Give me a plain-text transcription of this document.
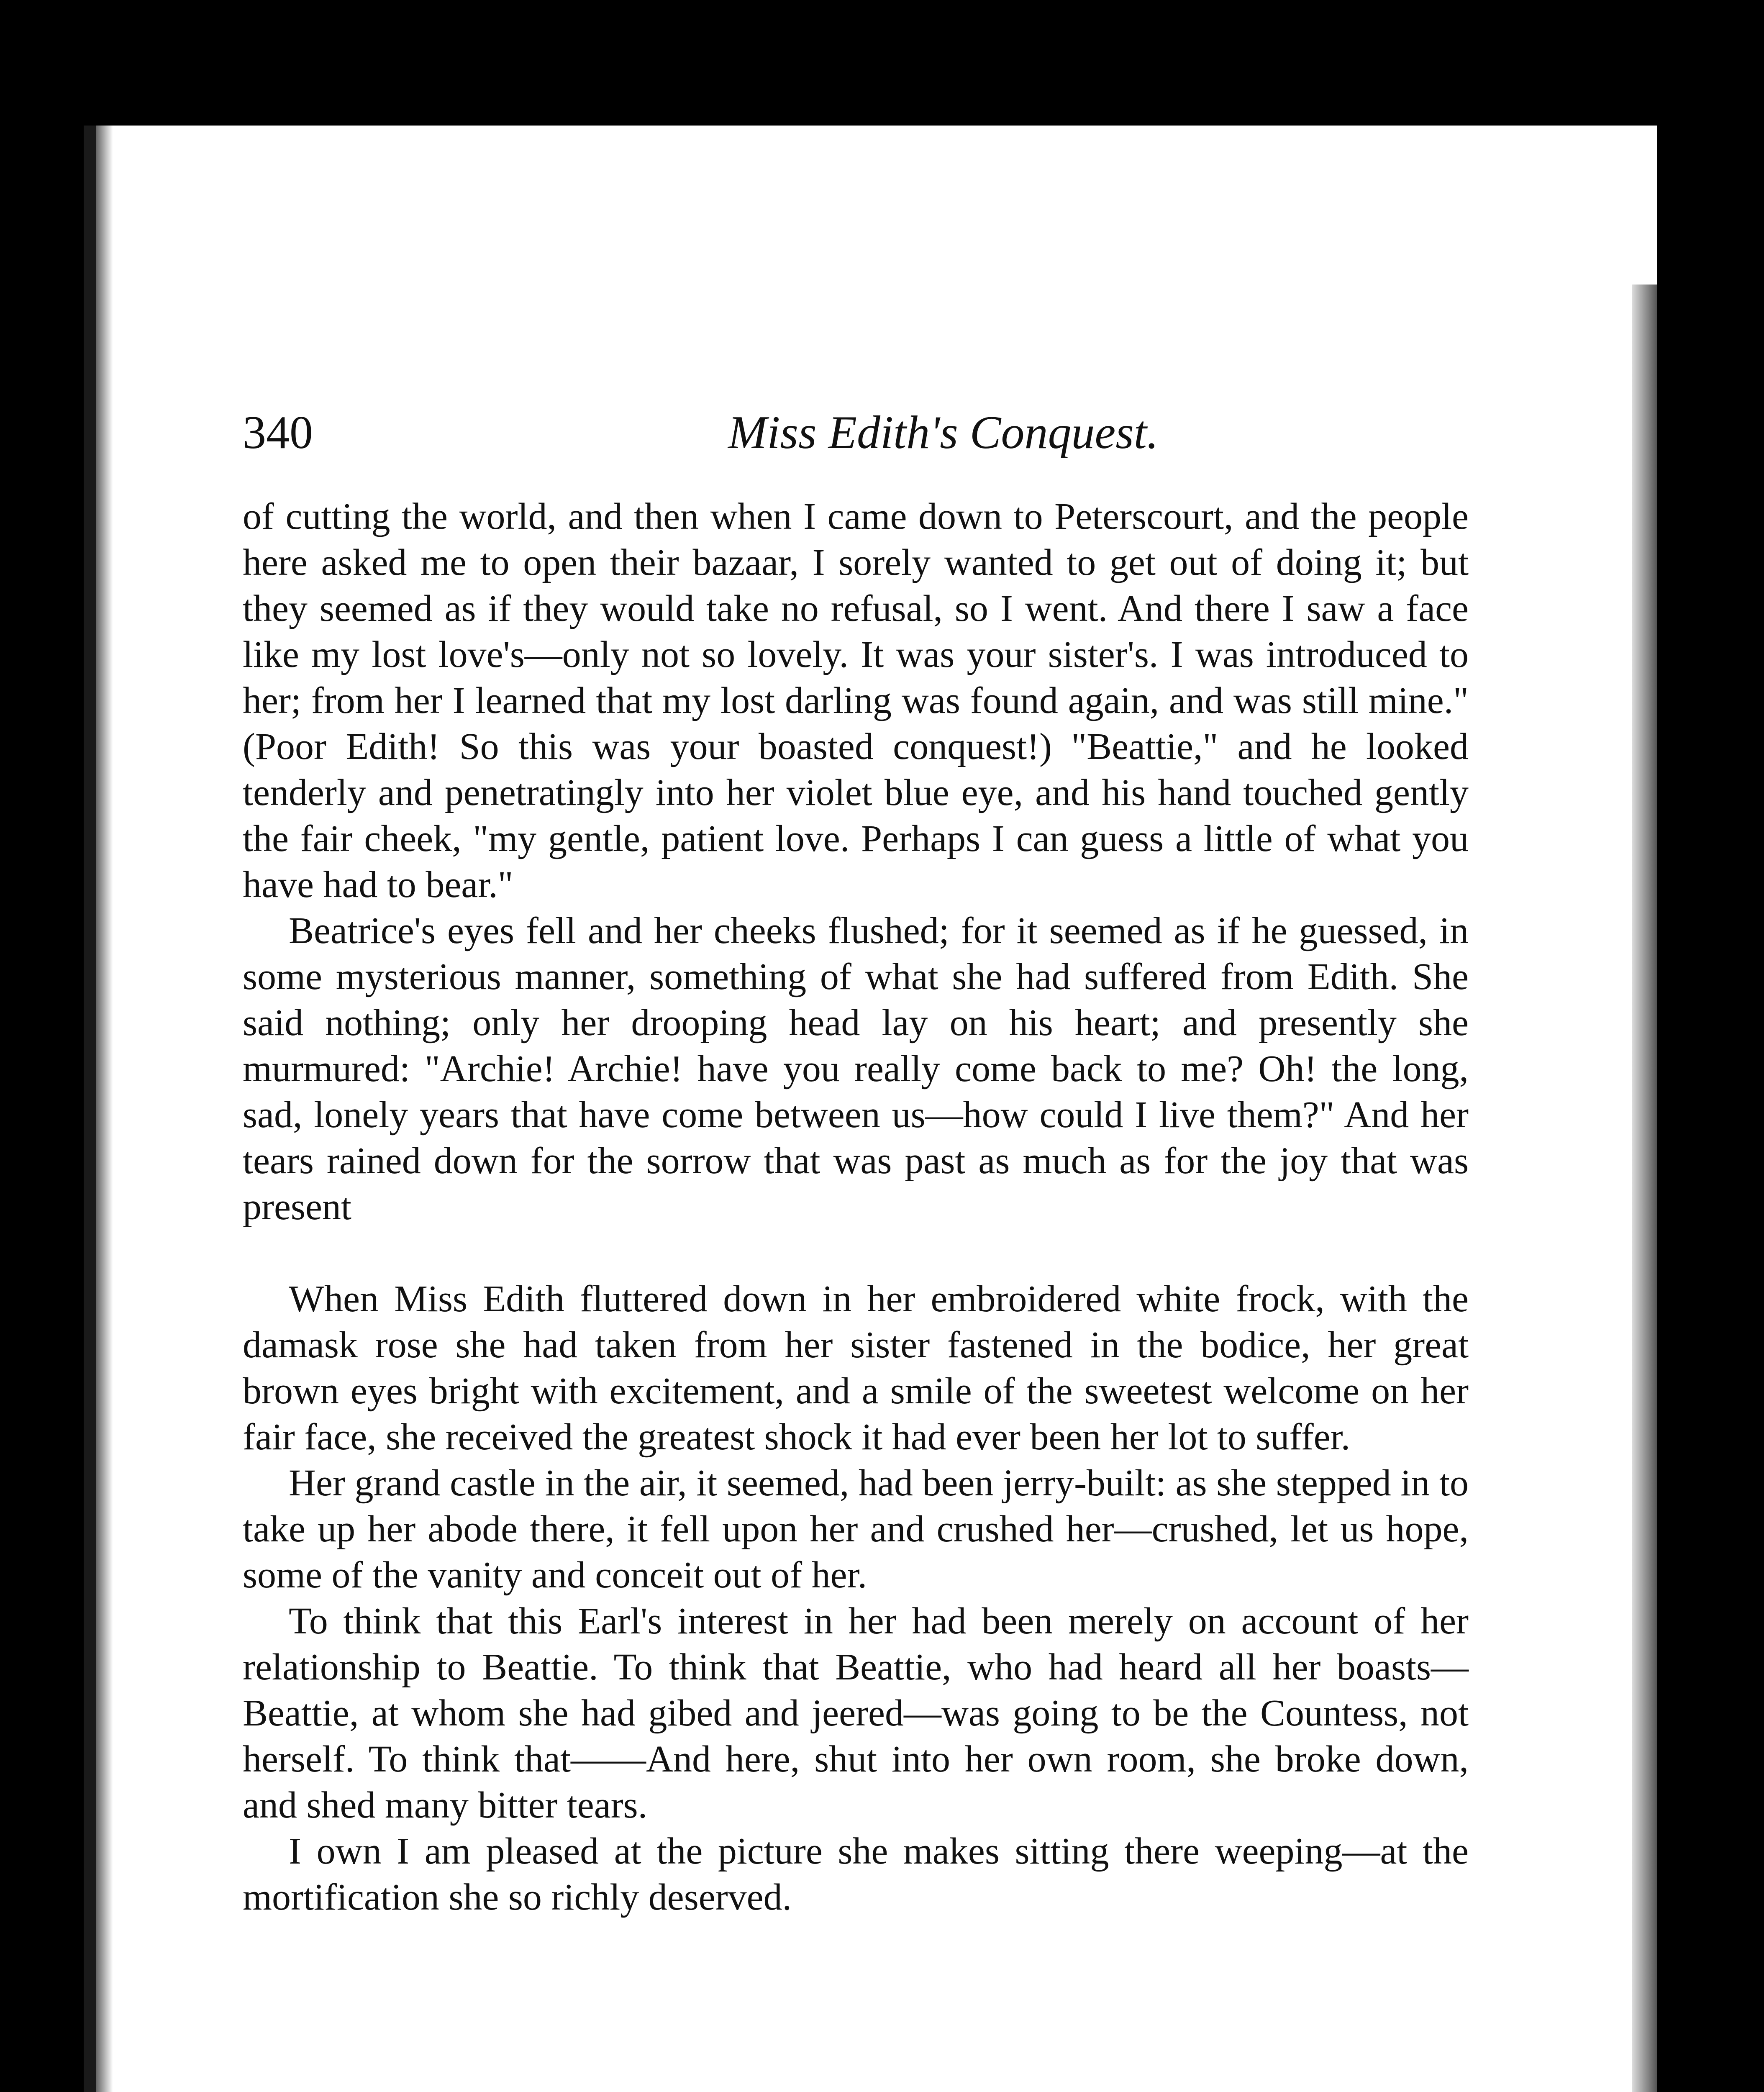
340	Miss Edith's Conquest.

of cutting the world, and then when I came down to Peterscourt, and the people here asked me to open their bazaar, I sorely wanted to get out of doing it; but they seemed as if they would take no refusal, so I went. And there I saw a face like my lost love's—only not so lovely. It was your sister's. I was introduced to her; from her I learned that my lost darling was found again, and was still mine." (Poor Edith! So this was your boasted conquest!) "Beattie," and he looked tenderly and penetratingly into her violet blue eye, and his hand touched gently the fair cheek, "my gentle, patient love. Perhaps I can guess a little of what you have had to bear."

Beatrice's eyes fell and her cheeks flushed; for it seemed as if he guessed, in some mysterious manner, something of what she had suffered from Edith. She said nothing; only her drooping head lay on his heart; and presently she murmured: "Archie! Archie! have you really come back to me? Oh! the long, sad, lonely years that have come between us—how could I live them?" And her tears rained down for the sorrow that was past as much as for the joy that was present

When Miss Edith fluttered down in her embroidered white frock, with the damask rose she had taken from her sister fastened in the bodice, her great brown eyes bright with excitement, and a smile of the sweetest welcome on her fair face, she received the greatest shock it had ever been her lot to suffer.

Her grand castle in the air, it seemed, had been jerry-built: as she stepped in to take up her abode there, it fell upon her and crushed her—crushed, let us hope, some of the vanity and conceit out of her.

To think that this Earl's interest in her had been merely on account of her relationship to Beattie. To think that Beattie, who had heard all her boasts—Beattie, at whom she had gibed and jeered—was going to be the Countess, not herself. To think that——And here, shut into her own room, she broke down, and shed many bitter tears.

I own I am pleased at the picture she makes sitting there weeping—at the mortification she so richly deserved.
